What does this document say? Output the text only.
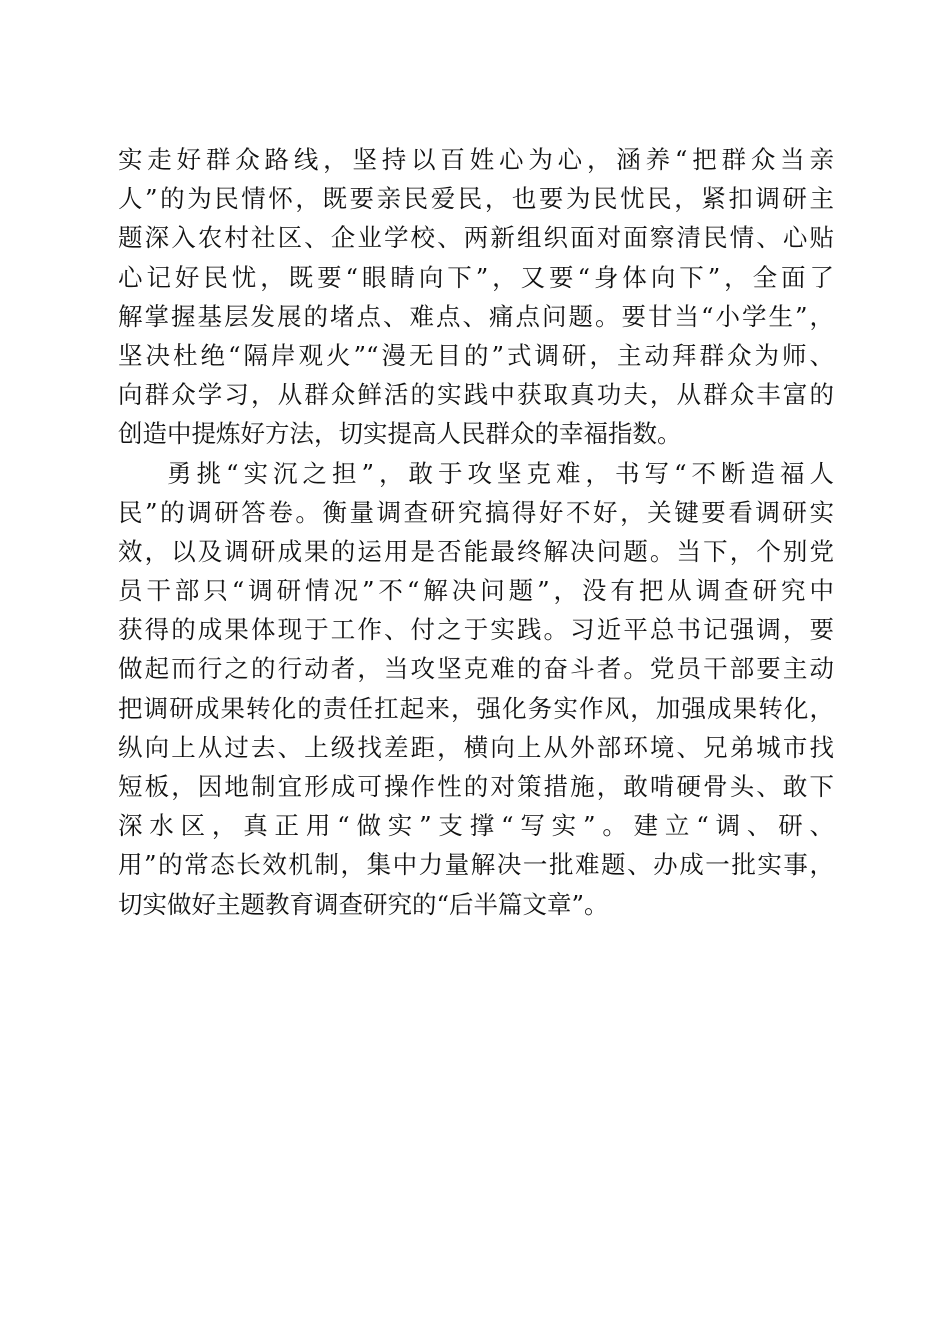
实走好群众路线，坚持以百姓心为心，涵养“把群众当亲
人”的为民情怀，既要亲民爱民，也要为民忧民，紧扣调研主
题深入农村社区、企业学校、两新组织面对面察清民情、心贴
心记好民忧，既要“眼睛向下”，又要“身体向下”，全面了
解掌握基层发展的堵点、难点、痛点问题。要甘当“小学生”，
坚决杜绝“隔岸观火”“漫无目的”式调研，主动拜群众为师、
向群众学习，从群众鲜活的实践中获取真功夫，从群众丰富的
创造中提炼好方法，切实提高人民群众的幸福指数。
勇挑“实沉之担”，敢于攻坚克难，书写“不断造福人
民”的调研答卷。衡量调查研究搞得好不好，关键要看调研实
效，以及调研成果的运用是否能最终解决问题。当下，个别党
员干部只“调研情况”不“解决问题”，没有把从调查研究中
获得的成果体现于工作、付之于实践。习近平总书记强调，要
做起而行之的行动者，当攻坚克难的奋斗者。党员干部要主动
把调研成果转化的责任扛起来，强化务实作风，加强成果转化，
纵向上从过去、上级找差距，横向上从外部环境、兄弟城市找
短板，因地制宜形成可操作性的对策措施，敢啃硬骨头、敢下
深水区，真正用“做实”支撑“写实”。建立“调、研、
用”的常态长效机制，集中力量解决一批难题、办成一批实事，
切实做好主题教育调查研究的“后半篇文章”。
